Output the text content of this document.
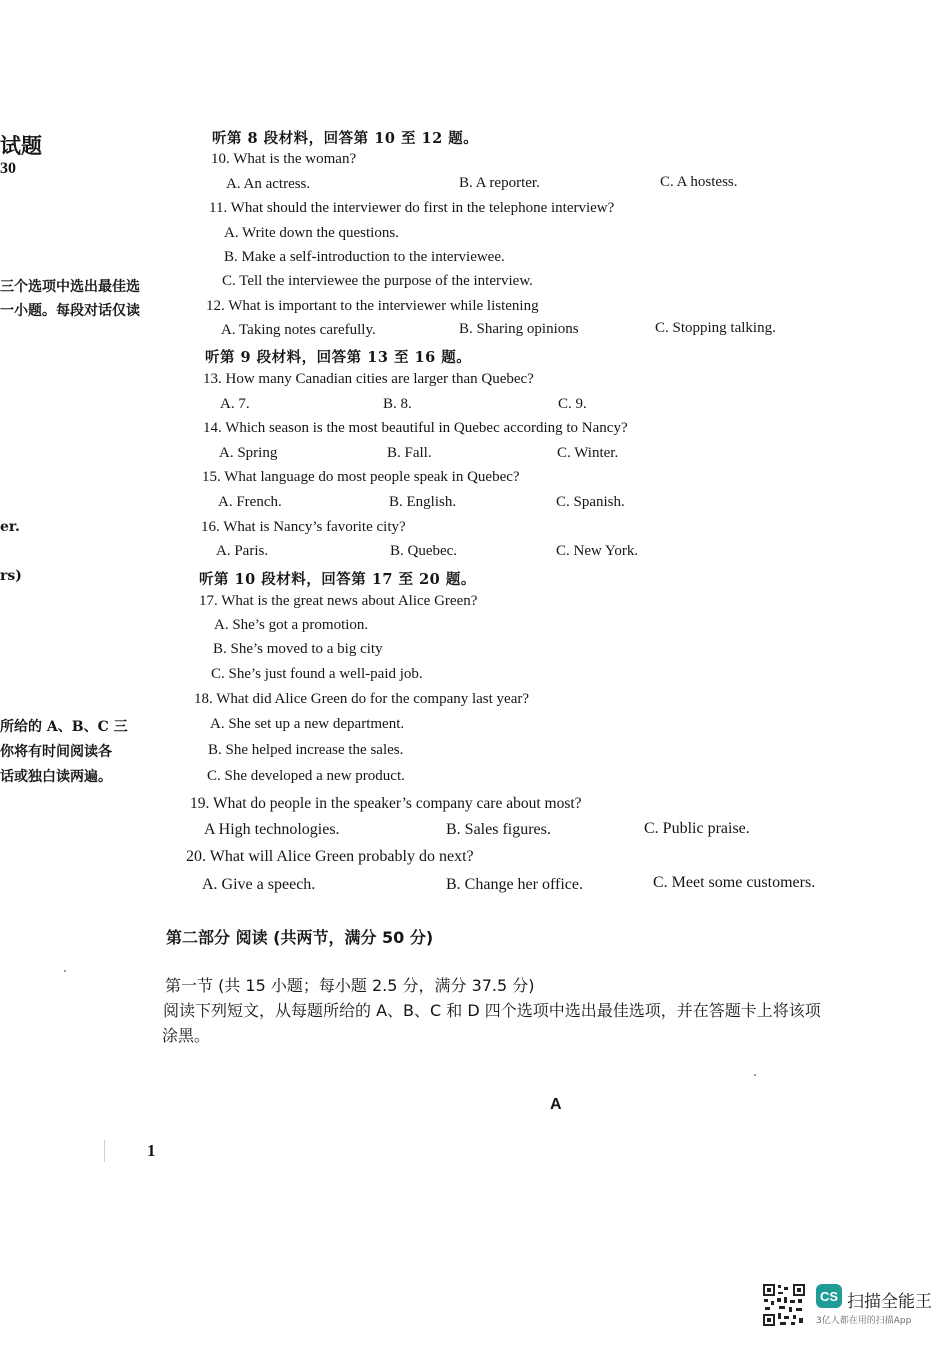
试题
30
三个选项中选出最佳选
一小题。每段对话仅读
er.
rs)
所给的 A、B、C 三
你将有时间阅读各
话或独白读两遍。
听第 8 段材料，回答第 10 至 12 题。
10. What is the woman?
A. An actress.	B. A reporter.	C. A hostess.
11. What should the interviewer do first in the telephone interview?
A. Write down the questions.
B. Make a self-introduction to the interviewee.
C. Tell the interviewee the purpose of the interview.
12. What is important to the interviewer while listening
A. Taking notes carefully.	B. Sharing opinions	C. Stopping talking.
听第 9 段材料，回答第 13 至 16 题。
13. How many Canadian cities are larger than Quebec?
A. 7.	B. 8.	C. 9.
14. Which season is the most beautiful in Quebec according to Nancy?
A. Spring	B. Fall.	C. Winter.
15. What language do most people speak in Quebec?
A. French.	B. English.	C. Spanish.
16. What is Nancy’s favorite city?
A. Paris.	B. Quebec.	C. New York.
听第 10 段材料，回答第 17 至 20 题。
17. What is the great news about Alice Green?
A. She’s got a promotion.
B. She’s moved to a big city
C. She’s just found a well-paid job.
18. What did Alice Green do for the company last year?
A. She set up a new department.
B. She helped increase the sales.
C. She developed a new product.
19. What do people in the speaker’s company care about most?
A High technologies.	B. Sales figures.	C. Public praise.
20. What will Alice Green probably do next?
A. Give a speech.	B. Change her office.	C. Meet some customers.
第二部分 阅读 (共两节，满分 50 分)
第一节 (共 15 小题；每小题 2.5 分，满分 37.5 分)
阅读下列短文，从每题所给的 A、B、C 和 D 四个选项中选出最佳选项，并在答题卡上将该项
涂黑。
A
1
CS 扫描全能王
3亿人都在用的扫描App
